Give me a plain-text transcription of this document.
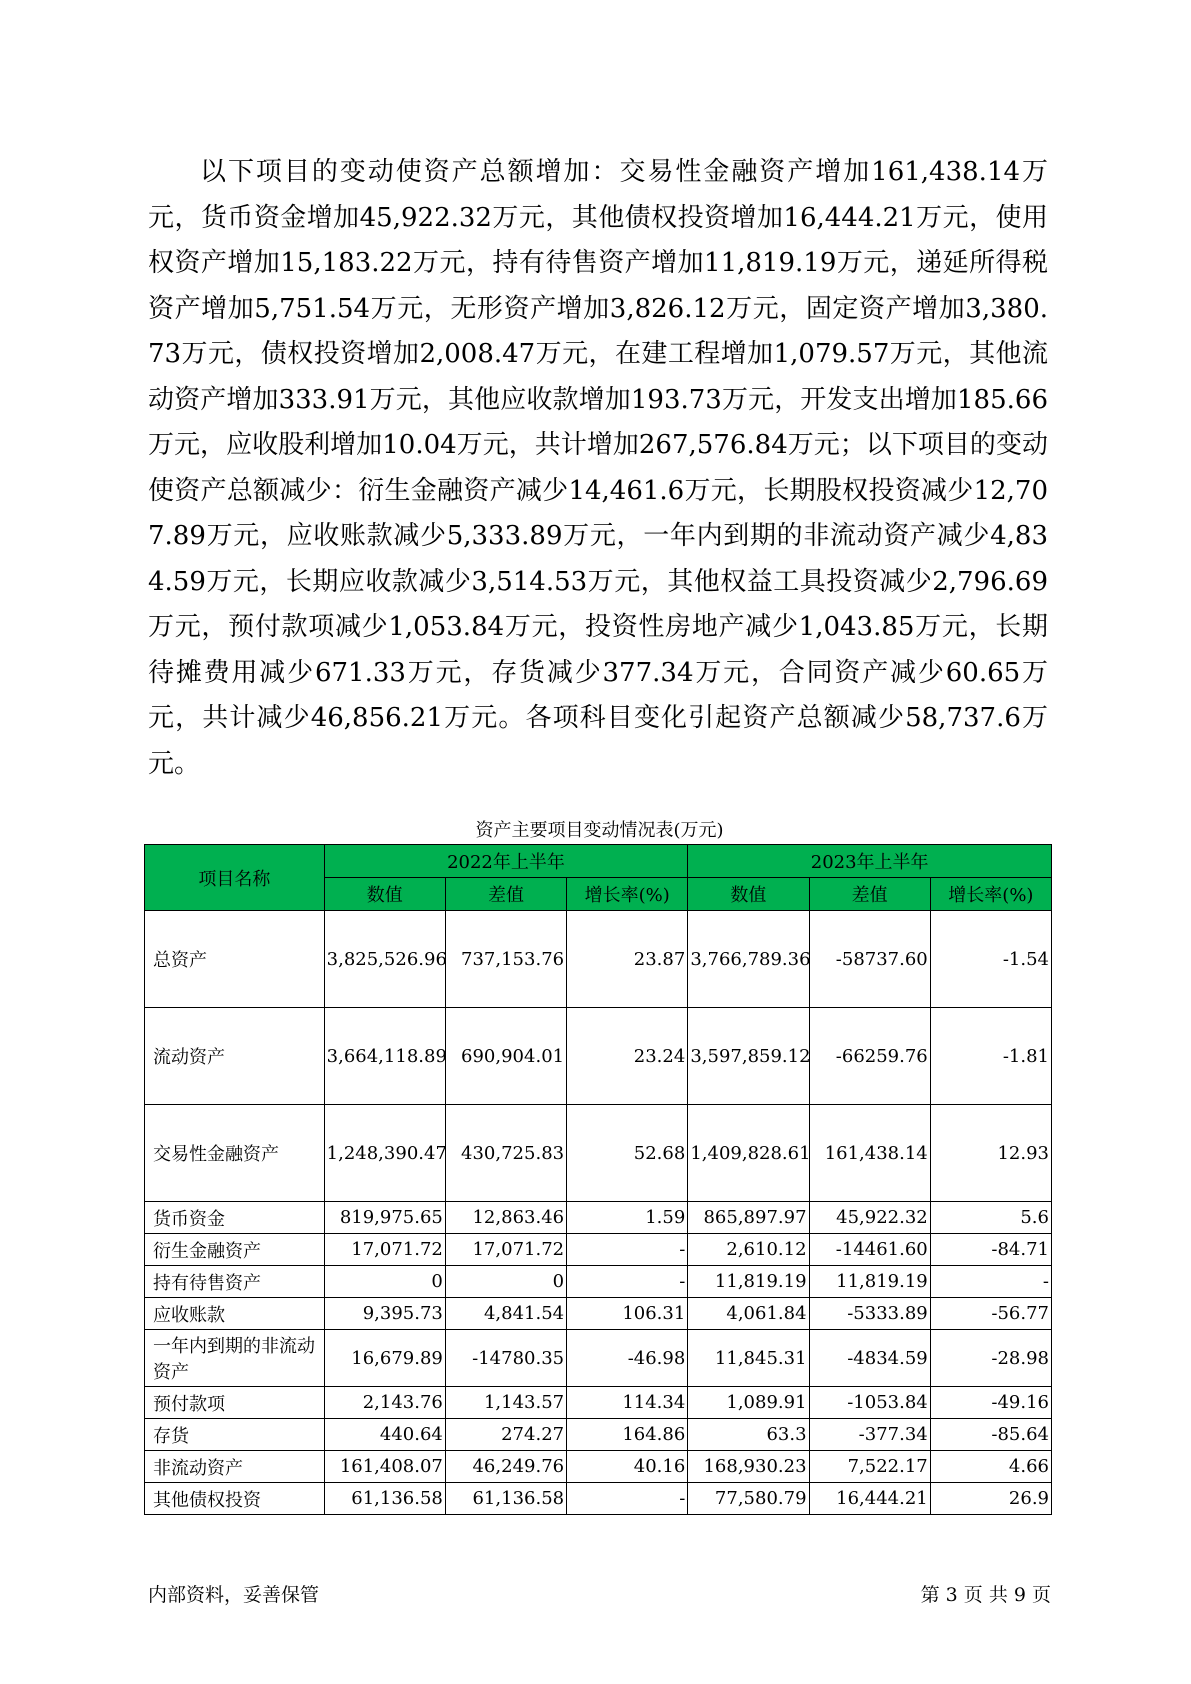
以下项目的变动使资产总额增加：交易性金融资产增加161,438.14万元，货币资金增加45,922.32万元，其他债权投资增加16,444.21万元，使用权资产增加15,183.22万元，持有待售资产增加11,819.19万元，递延所得税资产增加5,751.54万元，无形资产增加3,826.12万元，固定资产增加3,380.73万元，债权投资增加2,008.47万元，在建工程增加1,079.57万元，其他流动资产增加333.91万元，其他应收款增加193.73万元，开发支出增加185.66万元，应收股利增加10.04万元，共计增加267,576.84万元；以下项目的变动使资产总额减少：衍生金融资产减少14,461.6万元，长期股权投资减少12,707.89万元，应收账款减少5,333.89万元，一年内到期的非流动资产减少4,834.59万元，长期应收款减少3,514.53万元，其他权益工具投资减少2,796.69万元，预付款项减少1,053.84万元，投资性房地产减少1,043.85万元，长期待摊费用减少671.33万元，存货减少377.34万元，合同资产减少60.65万元，共计减少46,856.21万元。各项科目变化引起资产总额减少58,737.6万元。

资产主要项目变动情况表(万元)
项目名称	2022年上半年			2023年上半年		
	数值	差值	增长率(%)	数值	差值	增长率(%)
总资产	3,825,526.96	737,153.76	23.87	3,766,789.36	-58737.60	-1.54
流动资产	3,664,118.89	690,904.01	23.24	3,597,859.12	-66259.76	-1.81
交易性金融资产	1,248,390.47	430,725.83	52.68	1,409,828.61	161,438.14	12.93
货币资金	819,975.65	12,863.46	1.59	865,897.97	45,922.32	5.6
衍生金融资产	17,071.72	17,071.72	-	2,610.12	-14461.60	-84.71
持有待售资产	0	0	-	11,819.19	11,819.19	-
应收账款	9,395.73	4,841.54	106.31	4,061.84	-5333.89	-56.77
一年内到期的非流动资产	16,679.89	-14780.35	-46.98	11,845.31	-4834.59	-28.98
预付款项	2,143.76	1,143.57	114.34	1,089.91	-1053.84	-49.16
存货	440.64	274.27	164.86	63.3	-377.34	-85.64
非流动资产	161,408.07	46,249.76	40.16	168,930.23	7,522.17	4.66
其他债权投资	61,136.58	61,136.58	-	77,580.79	16,444.21	26.9
内部资料，妥善保管	第 3 页 共 9 页
